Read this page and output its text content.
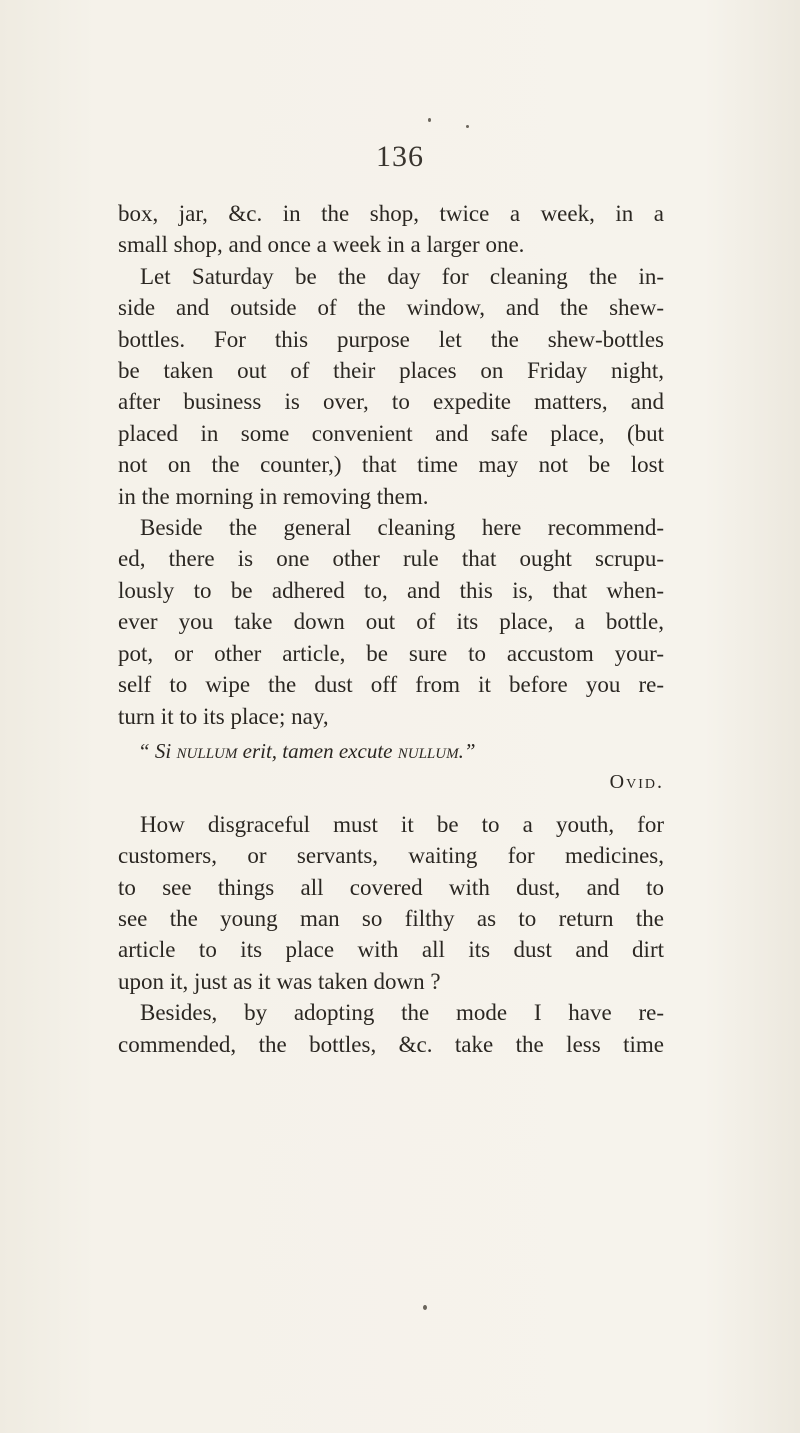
136
box, jar, &c. in the shop, twice a week, in a
small shop, and once a week in a larger one.
Let Saturday be the day for cleaning the in-
side and outside of the window, and the shew-
bottles. For this purpose let the shew-bottles
be taken out of their places on Friday night,
after business is over, to expedite matters, and
placed in some convenient and safe place, (but
not on the counter,) that time may not be lost
in the morning in removing them.
Beside the general cleaning here recommend-
ed, there is one other rule that ought scrupu-
lously to be adhered to, and this is, that when-
ever you take down out of its place, a bottle,
pot, or other article, be sure to accustom your-
self to wipe the dust off from it before you re-
turn it to its place; nay,
“ Si nullum erit, tamen excute nullum.”
Ovid.
How disgraceful must it be to a youth, for
customers, or servants, waiting for medicines,
to see things all covered with dust, and to
see the young man so filthy as to return the
article to its place with all its dust and dirt
upon it, just as it was taken down ?
Besides, by adopting the mode I have re-
commended, the bottles, &c. take the less time
